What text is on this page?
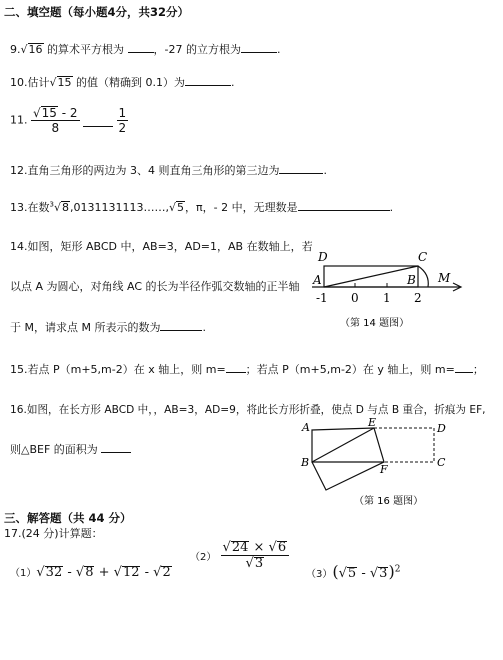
二、填空题（每小题4分，共32分）
9.√16 的算术平方根为 ，-27 的立方根为	.
10.估计√15 的值（精确到 0.1）为	.
11. $\frac{√15 - 2}{8}$
	$\frac{1}{2}$
12.直角三角形的两边为 3、4 则直角三角形的第三边为	.
13.在数$^3$√8,0131131113……,√5，π，- 2 中，无理数是	.
14.如图，矩形 ABCD 中，AB=3，AD=1，AB 在数轴上，若
以点 A 为圆心，对角线 AC 的长为半径作弧交数轴的正半轴
于 M，请求点 M 所表示的数为	.
D	C
A	B M
-1 0 1 2
（第 14 题图）
15.若点 P（m+5,m-2）在 x 轴上，则 m= ；若点 P（m+5,m-2）在 y 轴上，则 m= ；
16.如图，在长方形 ABCD 中，，AB=3，AD=9，将此长方形折叠，使点 D 与点 B 重合，折痕为 EF,
则△BEF 的面积为
A	E	D
B
F
C
（第 16 题图）
三、解答题（共 44 分）
17.(24 分)计算题：
（1）√32 - √8 + √12 - √2
$(2) \frac{√24 \times √6}{√3}$
（3）(√5 - √3)$^2$
